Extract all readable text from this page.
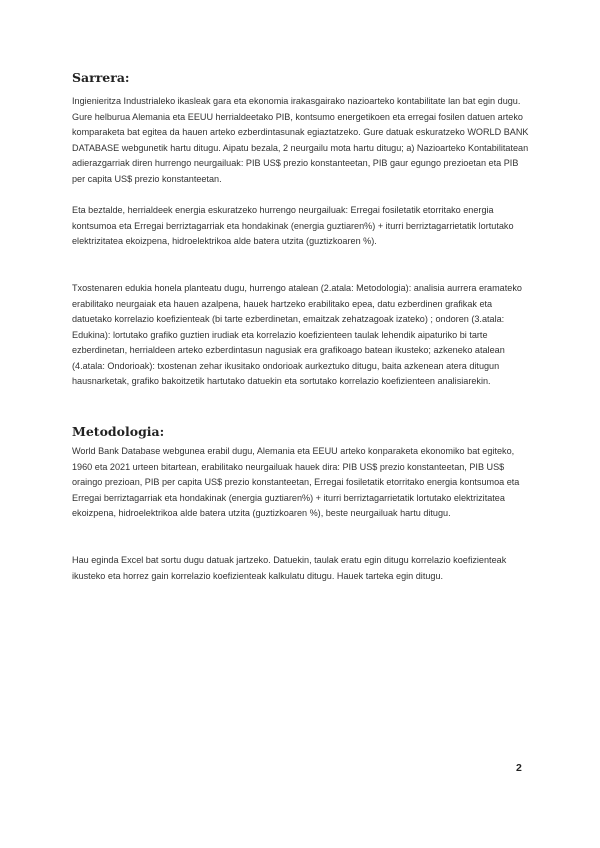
Sarrera:

Ingienieritza Industrialeko ikasleak gara eta ekonomia irakasgairako nazioarteko kontabilitate lan bat egin dugu. Gure helburua Alemania eta EEUU herrialdeetako PIB, kontsumo energetikoen eta erregai fosilen datuen arteko komparaketa bat egitea da hauen arteko ezberdintasunak egiaztatzeko. Gure datuak eskuratzeko WORLD BANK DATABASE webgunetik hartu ditugu. Aipatu bezala, 2 neurgailu mota hartu ditugu; a) Nazioarteko Kontabilitatean adierazgarriak diren hurrengo neurgailuak: PIB US$ prezio konstanteetan, PIB gaur egungo prezioetan eta PIB per capita US$ prezio konstanteetan.

Eta beztalde, herrialdeek energia eskuratzeko hurrengo neurgailuak: Erregai fosiletatik etorritako energia kontsumoa eta Erregai berriztagarriak eta hondakinak (energia guztiaren%) + iturri berriztagarrietatik lortutako elektrizitatea ekoizpena, hidroelektrikoa alde batera utzita (guztizkoaren %).

Txostenaren edukia honela planteatu dugu, hurrengo atalean (2.atala: Metodologia): analisia aurrera eramateko erabilitako neurgaiak eta hauen azalpena, hauek hartzeko erabilitako epea, datu ezberdinen grafikak eta datuetako korrelazio koefizienteak (bi tarte ezberdinetan, emaitzak zehatzagoak izateko) ; ondoren (3.atala: Edukina): lortutako grafiko guztien irudiak eta korrelazio koefizienteen taulak lehendik aipaturiko bi tarte ezberdinetan, herrialdeen arteko ezberdintasun nagusiak era grafikoago batean ikusteko; azkeneko atalean (4.atala: Ondorioak): txostenan zehar ikusitako ondorioak aurkeztuko ditugu, baita azkenean atera ditugun hausnarketak, grafiko bakoitzetik hartutako datuekin eta sortutako korrelazio koefizienteen analisiarekin.

Metodologia:

World Bank Database webgunea erabil dugu, Alemania eta EEUU arteko konparaketa ekonomiko bat egiteko, 1960 eta 2021 urteen bitartean, erabilitako neurgailuak hauek dira: PIB US$ prezio konstanteetan, PIB US$ oraingo prezioan, PIB per capita US$ prezio konstanteetan, Erregai fosiletatik etorritako energia kontsumoa eta Erregai berriztagarriak eta hondakinak (energia guztiaren%) + iturri berriztagarrietatik lortutako elektrizitatea ekoizpena, hidroelektrikoa alde batera utzita (guztizkoaren %), beste neurgailuak hartu ditugu.

Hau eginda Excel bat sortu dugu datuak jartzeko. Datuekin, taulak eratu egin ditugu korrelazio koefizienteak ikusteko eta horrez gain korrelazio koefizienteak kalkulatu ditugu. Hauek tarteka egin ditugu.

2
